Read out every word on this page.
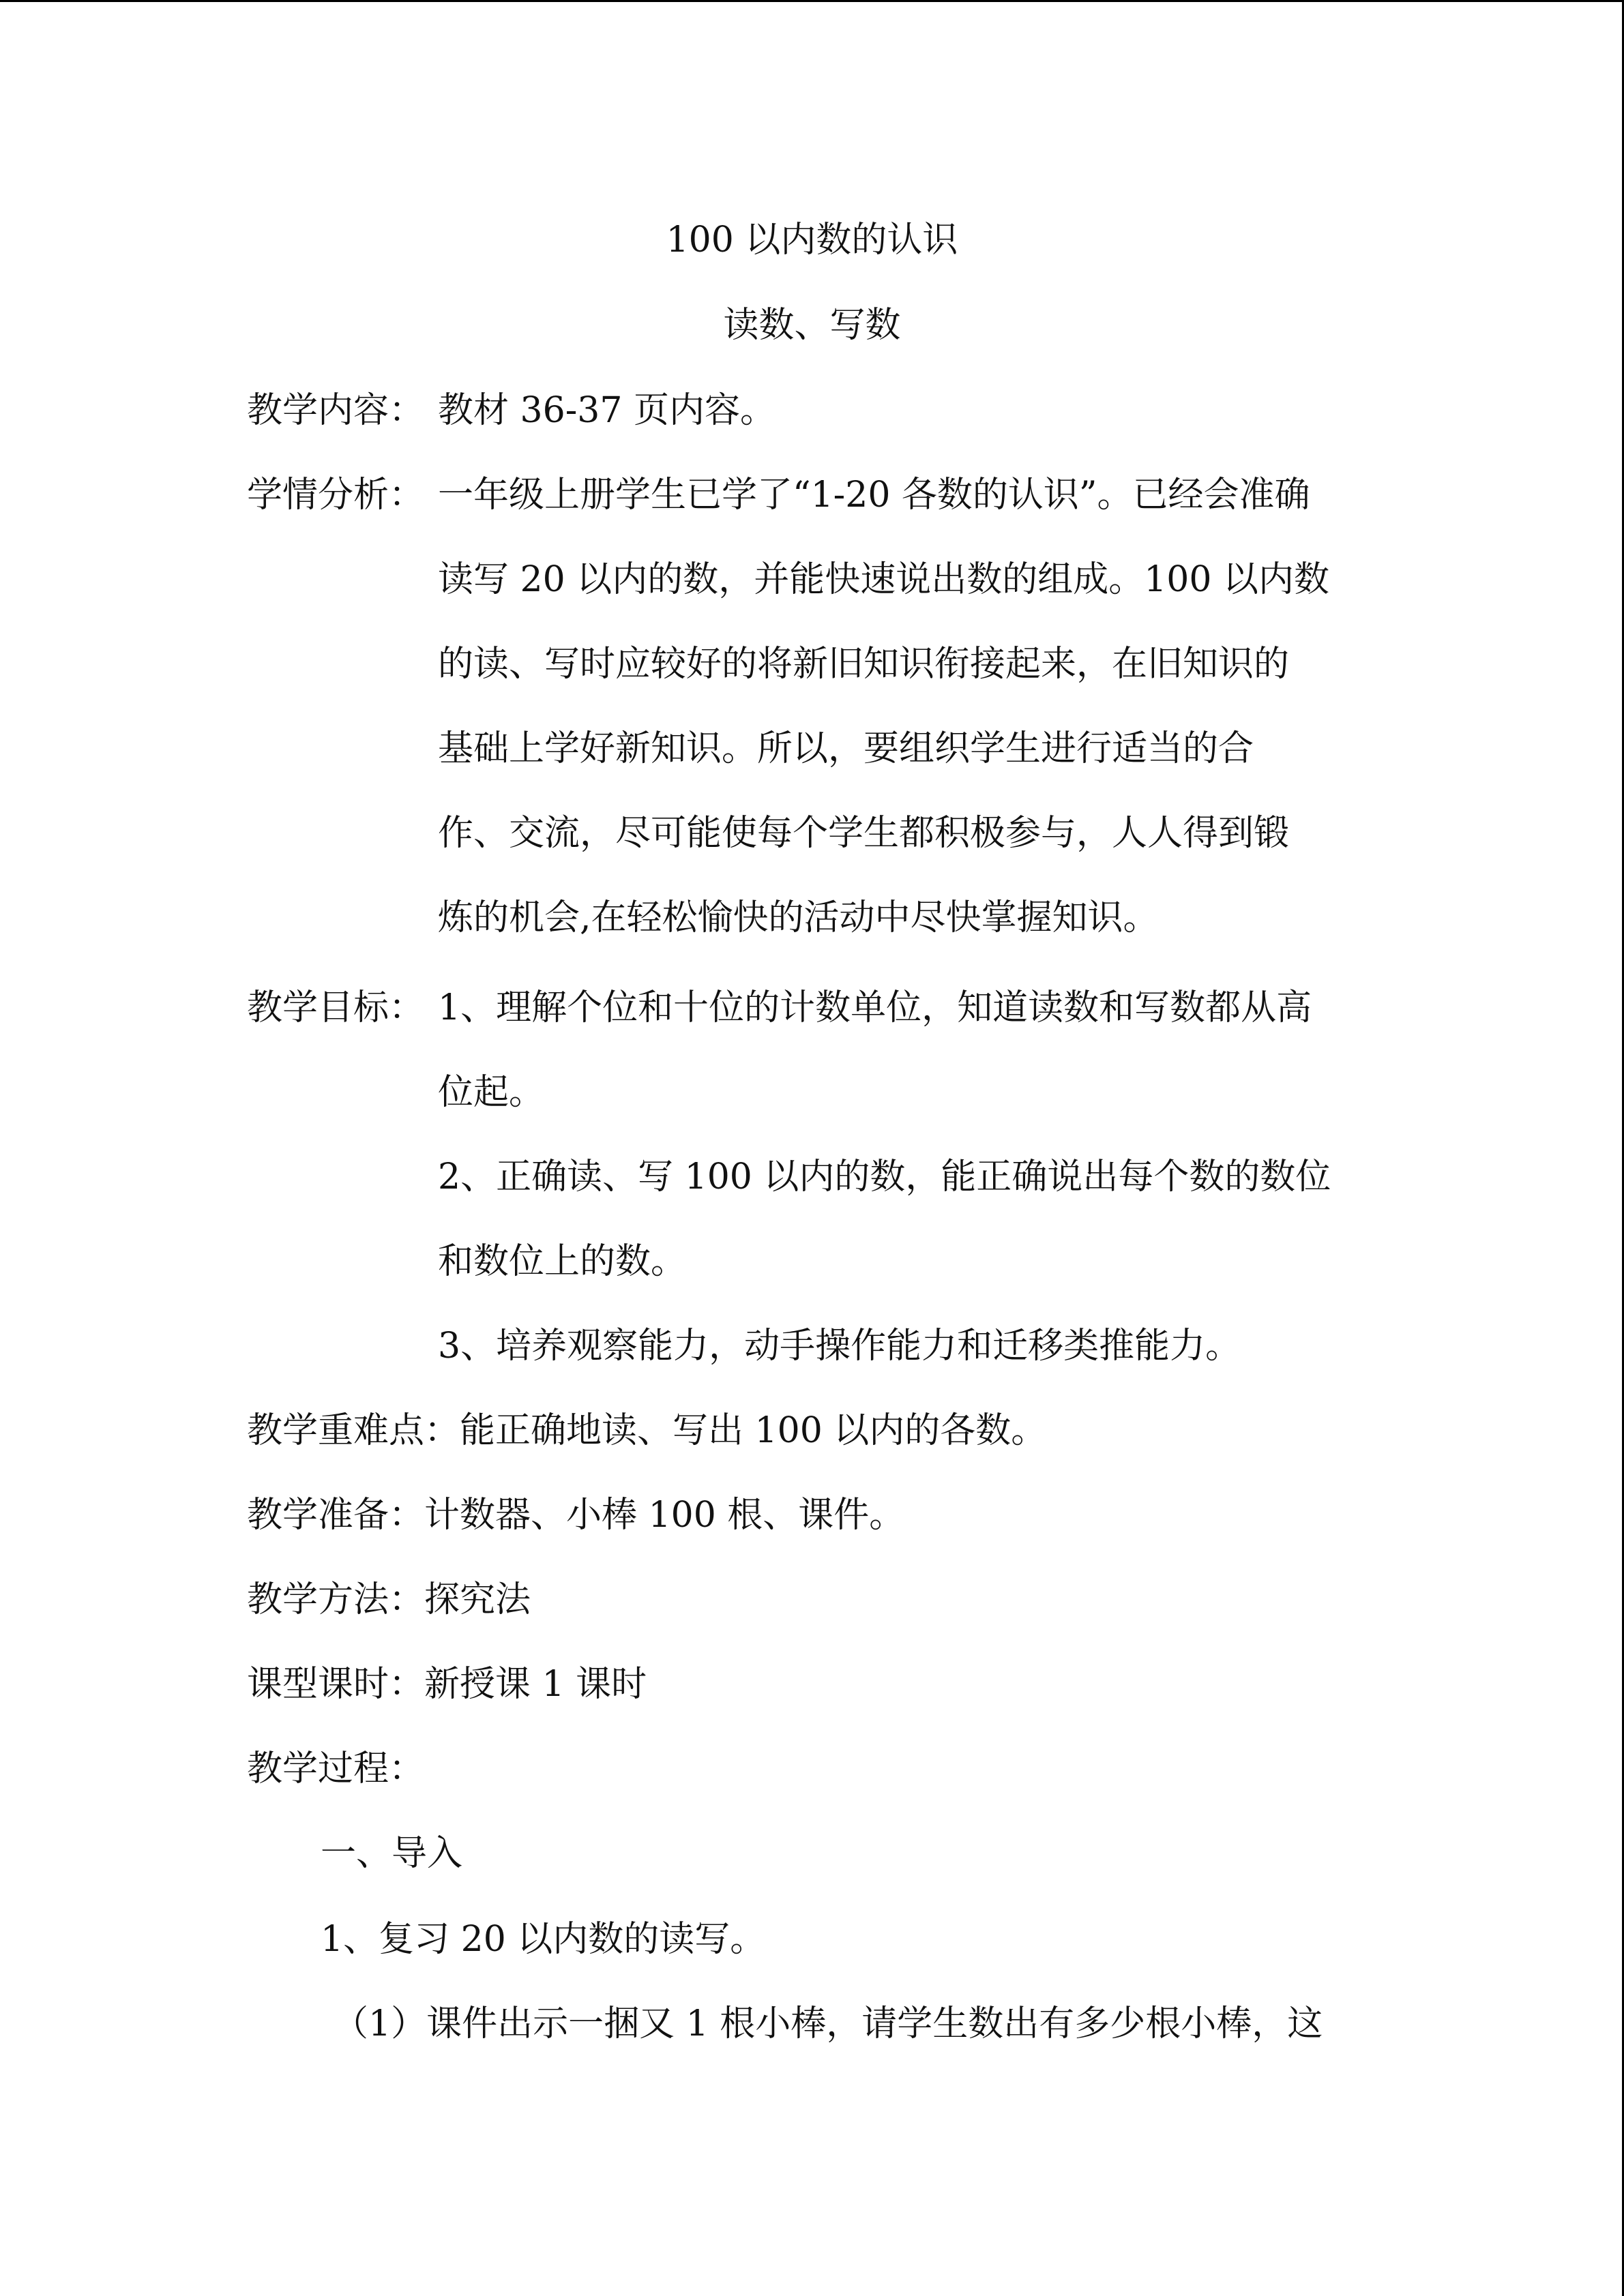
100 以内数的认识
读数、写数
教学内容： 教材 36-37 页内容。
学情分析： 一年级上册学生已学了“1-20 各数的认识”。已经会准确
读写 20 以内的数，并能快速说出数的组成。100 以内数
的读、写时应较好的将新旧知识衔接起来，在旧知识的
基础上学好新知识。所以，要组织学生进行适当的合
作、交流，尽可能使每个学生都积极参与，人人得到锻
炼的机会,在轻松愉快的活动中尽快掌握知识。
教学目标： 1、理解个位和十位的计数单位，知道读数和写数都从高
位起。
2、正确读、写 100 以内的数，能正确说出每个数的数位
和数位上的数。
3、培养观察能力，动手操作能力和迁移类推能力。
教学重难点：能正确地读、写出 100 以内的各数。
教学准备：计数器、小棒 100 根、课件。
教学方法：探究法
课型课时：新授课 1 课时
教学过程：
一、导入
1、复习 20 以内数的读写。
（1）课件出示一捆又 1 根小棒，请学生数出有多少根小棒，这
